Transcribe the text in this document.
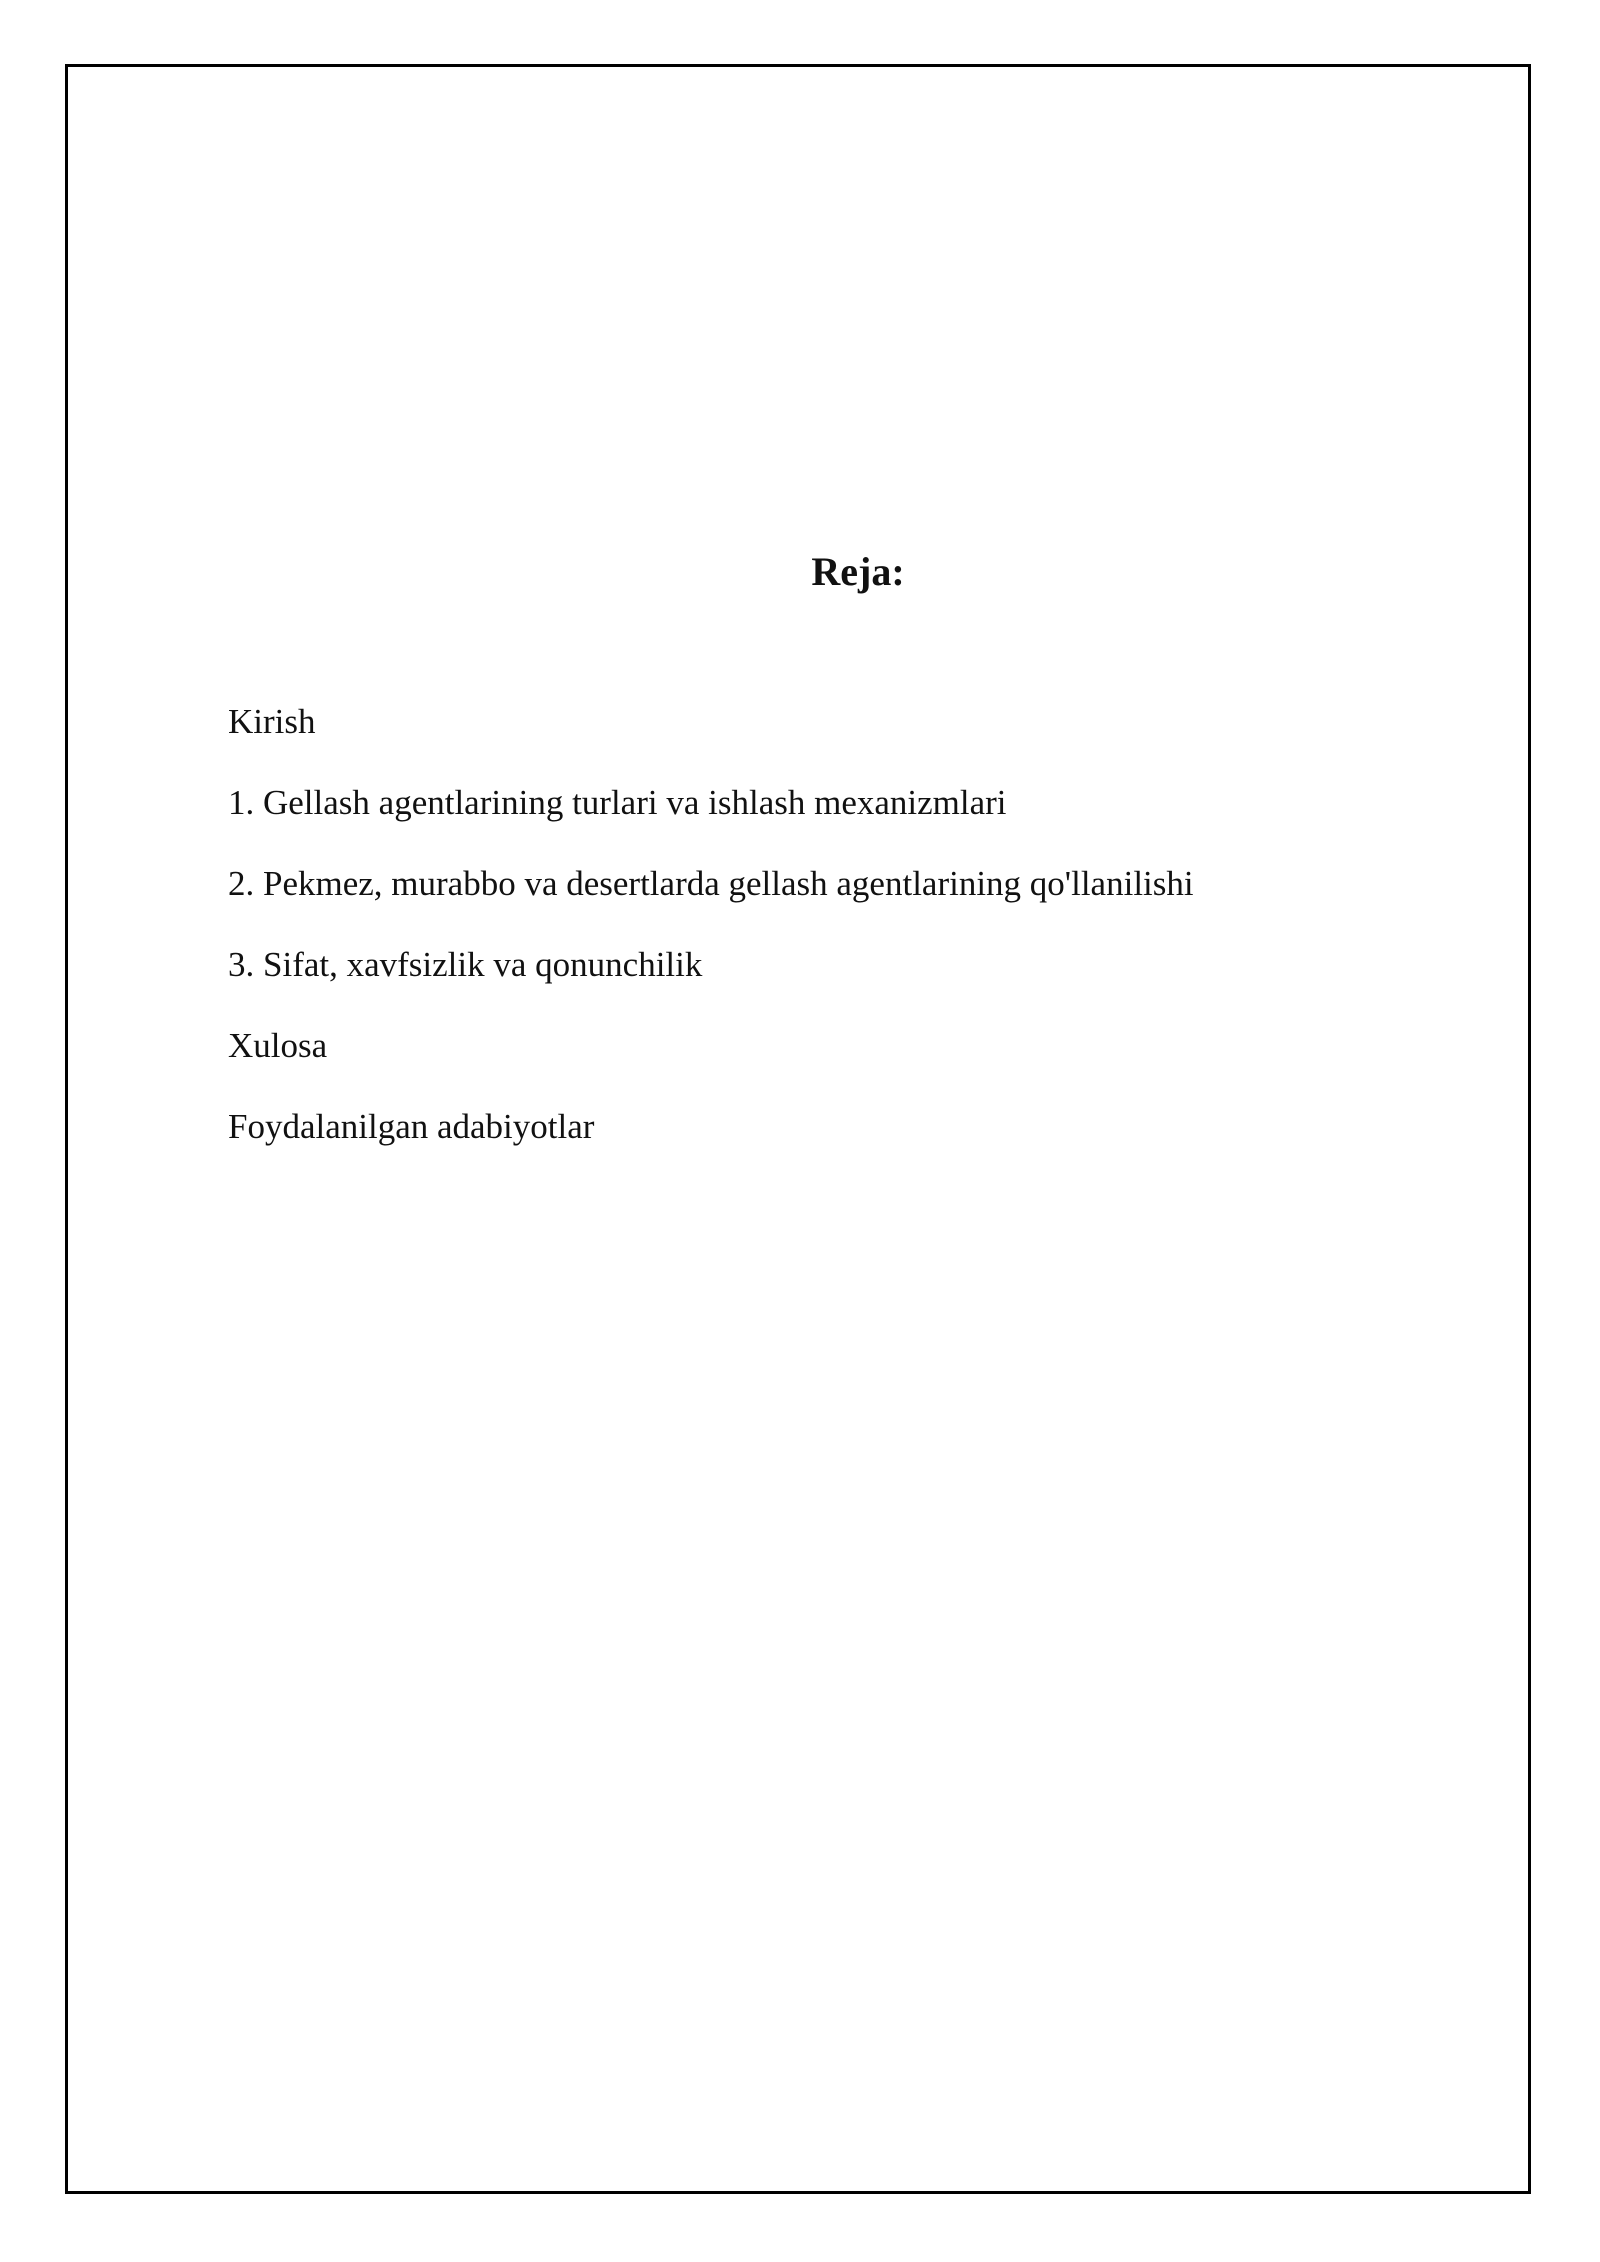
Reja:
Kirish
1. Gellash agentlarining turlari va ishlash mexanizmlari
2. Pekmez, murabbo va desertlarda gellash agentlarining qo'llanilishi
3. Sifat, xavfsizlik va qonunchilik
Xulosa
Foydalanilgan adabiyotlar
